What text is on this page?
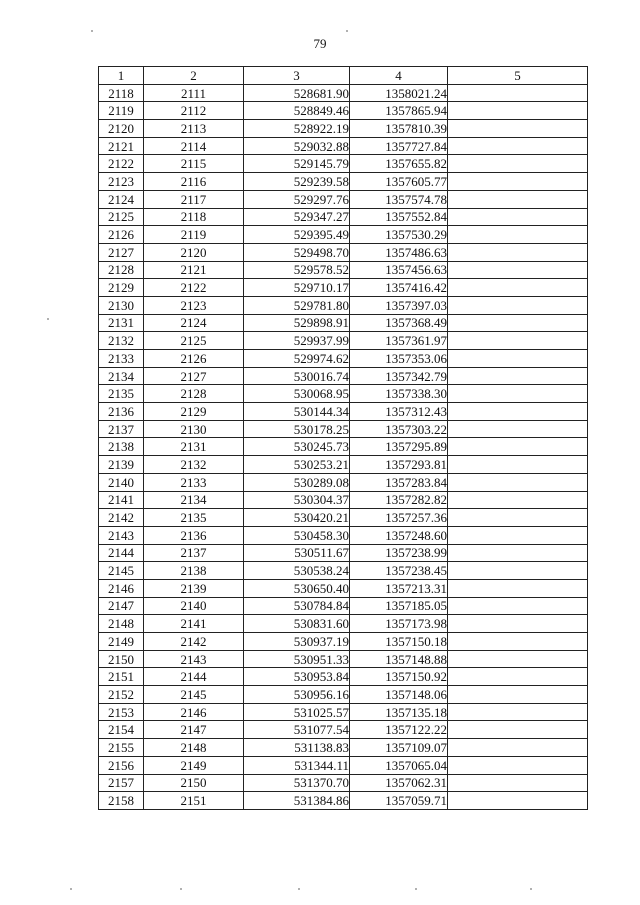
79
1	2	3	4	5
2118	2111	528681.90	1358021.24	
2119	2112	528849.46	1357865.94	
2120	2113	528922.19	1357810.39	
2121	2114	529032.88	1357727.84	
2122	2115	529145.79	1357655.82	
2123	2116	529239.58	1357605.77	
2124	2117	529297.76	1357574.78	
2125	2118	529347.27	1357552.84	
2126	2119	529395.49	1357530.29	
2127	2120	529498.70	1357486.63	
2128	2121	529578.52	1357456.63	
2129	2122	529710.17	1357416.42	
2130	2123	529781.80	1357397.03	
2131	2124	529898.91	1357368.49	
2132	2125	529937.99	1357361.97	
2133	2126	529974.62	1357353.06	
2134	2127	530016.74	1357342.79	
2135	2128	530068.95	1357338.30	
2136	2129	530144.34	1357312.43	
2137	2130	530178.25	1357303.22	
2138	2131	530245.73	1357295.89	
2139	2132	530253.21	1357293.81	
2140	2133	530289.08	1357283.84	
2141	2134	530304.37	1357282.82	
2142	2135	530420.21	1357257.36	
2143	2136	530458.30	1357248.60	
2144	2137	530511.67	1357238.99	
2145	2138	530538.24	1357238.45	
2146	2139	530650.40	1357213.31	
2147	2140	530784.84	1357185.05	
2148	2141	530831.60	1357173.98	
2149	2142	530937.19	1357150.18	
2150	2143	530951.33	1357148.88	
2151	2144	530953.84	1357150.92	
2152	2145	530956.16	1357148.06	
2153	2146	531025.57	1357135.18	
2154	2147	531077.54	1357122.22	
2155	2148	531138.83	1357109.07	
2156	2149	531344.11	1357065.04	
2157	2150	531370.70	1357062.31	
2158	2151	531384.86	1357059.71	
